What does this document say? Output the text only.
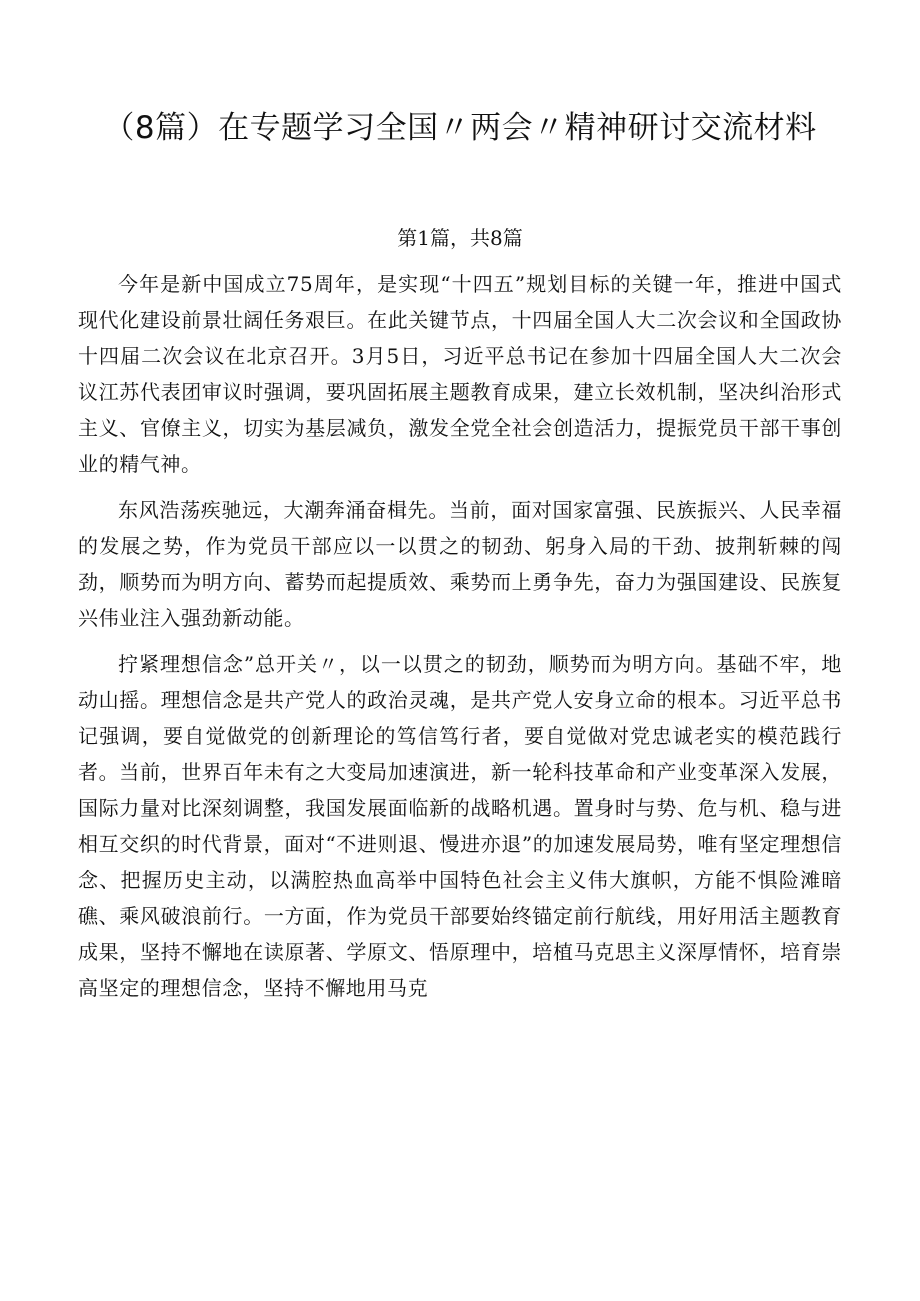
（8篇）在专题学习全国〃两会〃精神研讨交流材料

第1篇，共8篇

今年是新中国成立75周年，是实现“十四五”规划目标的关键一年，推进中国式现代化建设前景壮阔任务艰巨。在此关键节点，十四届全国人大二次会议和全国政协十四届二次会议在北京召开。3月5日，习近平总书记在参加十四届全国人大二次会议江苏代表团审议时强调，要巩固拓展主题教育成果，建立长效机制，坚决纠治形式主义、官僚主义，切实为基层减负，激发全党全社会创造活力，提振党员干部干事创业的精气神。

东风浩荡疾驰远，大潮奔涌奋楫先。当前，面对国家富强、民族振兴、人民幸福的发展之势，作为党员干部应以一以贯之的韧劲、躬身入局的干劲、披荆斩棘的闯劲，顺势而为明方向、蓄势而起提质效、乘势而上勇争先，奋力为强国建设、民族复兴伟业注入强劲新动能。

拧紧理想信念”总开关〃，以一以贯之的韧劲，顺势而为明方向。基础不牢，地动山摇。理想信念是共产党人的政治灵魂，是共产党人安身立命的根本。习近平总书记强调，要自觉做党的创新理论的笃信笃行者，要自觉做对党忠诚老实的模范践行者。当前，世界百年未有之大变局加速演进，新一轮科技革命和产业变革深入发展，国际力量对比深刻调整，我国发展面临新的战略机遇。置身时与势、危与机、稳与进相互交织的时代背景，面对“不进则退、慢进亦退”的加速发展局势，唯有坚定理想信念、把握历史主动，以满腔热血高举中国特色社会主义伟大旗帜，方能不惧险滩暗礁、乘风破浪前行。一方面，作为党员干部要始终锚定前行航线，用好用活主题教育成果，坚持不懈地在读原著、学原文、悟原理中，培植马克思主义深厚情怀，培育崇高坚定的理想信念，坚持不懈地用马克
